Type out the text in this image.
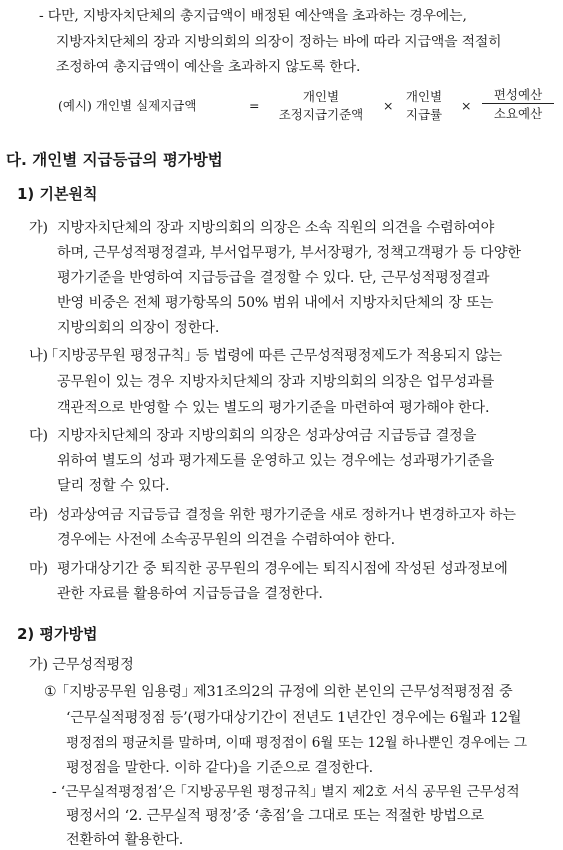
- 다만, 지방자치단체의 총지급액이 배정된 예산액을 초과하는 경우에는,
지방자치단체의 장과 지방의회의 의장이 정하는 바에 따라 지급액을 적절히
조정하여 총지급액이 예산을 초과하지 않도록 한다.
(예시) 개인별 실제지급액	=
개인별
조정지급기준액
×
개인별
지급률
×
편성예산
소요예산
다. 개인별 지급등급의 평가방법
1) 기본원칙
가) 지방자치단체의 장과 지방의회의 의장은 소속 직원의 의견을 수렴하여야
하며, 근무성적평정결과, 부서업무평가, 부서장평가, 정책고객평가 등 다양한
평가기준을 반영하여 지급등급을 결정할 수 있다. 단, 근무성적평정결과
반영 비중은 전체 평가항목의 50% 범위 내에서 지방자치단체의 장 또는
지방의회의 의장이 정한다.
나) ｢지방공무원 평정규칙｣ 등 법령에 따른 근무성적평정제도가 적용되지 않는
공무원이 있는 경우 지방자치단체의 장과 지방의회의 의장은 업무성과를
객관적으로 반영할 수 있는 별도의 평가기준을 마련하여 평가해야 한다.
다) 지방자치단체의 장과 지방의회의 의장은 성과상여금 지급등급 결정을
위하여 별도의 성과 평가제도를 운영하고 있는 경우에는 성과평가기준을
달리 정할 수 있다.
라) 성과상여금 지급등급 결정을 위한 평가기준을 새로 정하거나 변경하고자 하는
경우에는 사전에 소속공무원의 의견을 수렴하여야 한다.
마) 평가대상기간 중 퇴직한 공무원의 경우에는 퇴직시점에 작성된 성과정보에
관한 자료를 활용하여 지급등급을 결정한다.
2) 평가방법
가) 근무성적평정
① ｢지방공무원 임용령｣ 제31조의2의 규정에 의한 본인의 근무성적평정점 중
‘근무실적평정점 등’(평가대상기간이 전년도 1년간인 경우에는 6월과 12월
평정점의 평균치를 말하며, 이때 평정점이 6월 또는 12월 하나뿐인 경우에는 그
평정점을 말한다. 이하 같다)을 기준으로 결정한다.
- ‘근무실적평정점’은 ｢지방공무원 평정규칙｣ 별지 제2호 서식 공무원 근무성적
평정서의 ‘2. 근무실적 평정’중 ‘총점’을 그대로 또는 적절한 방법으로
전환하여 활용한다.
